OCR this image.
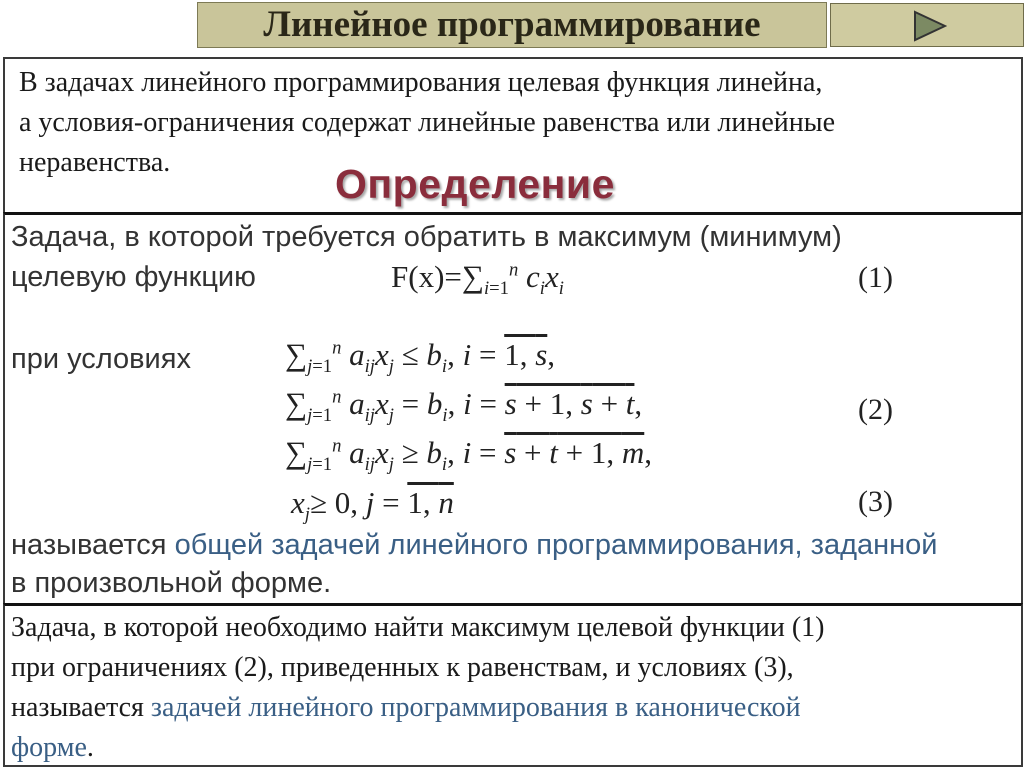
Линейное программирование
В задачах линейного программирования целевая функция линейна,
а условия-ограничения содержат линейные равенства или линейные
неравенства.	Определение
Задача, в которой требуется обратить в максимум (минимум)
целевую функцию	$F(x)=\sum_{i=1}^n$ $c_ix_i$	(1)
при условиях	$\sum_{j=1}^n$ $a_{ij}x_j \le b_i$, i = 1, s,
$\sum_{j=1}^n$ $a_{ij}x_j = b_i$, i = s + 1, s + t,	(2)
$\sum_{j=1}^n$ $a_{ij}x_j \ge b_i$, i = s + t + 1, m,
$x_j\ge 0$, j = 1, n	(3)
называется общей задачей линейного программирования, заданной
в произвольной форме.
Задача, в которой необходимо найти максимум целевой функции (1)
при ограничениях (2), приведенных к равенствам, и условиях (3),
называется задачей линейного программирования в канонической
форме.
